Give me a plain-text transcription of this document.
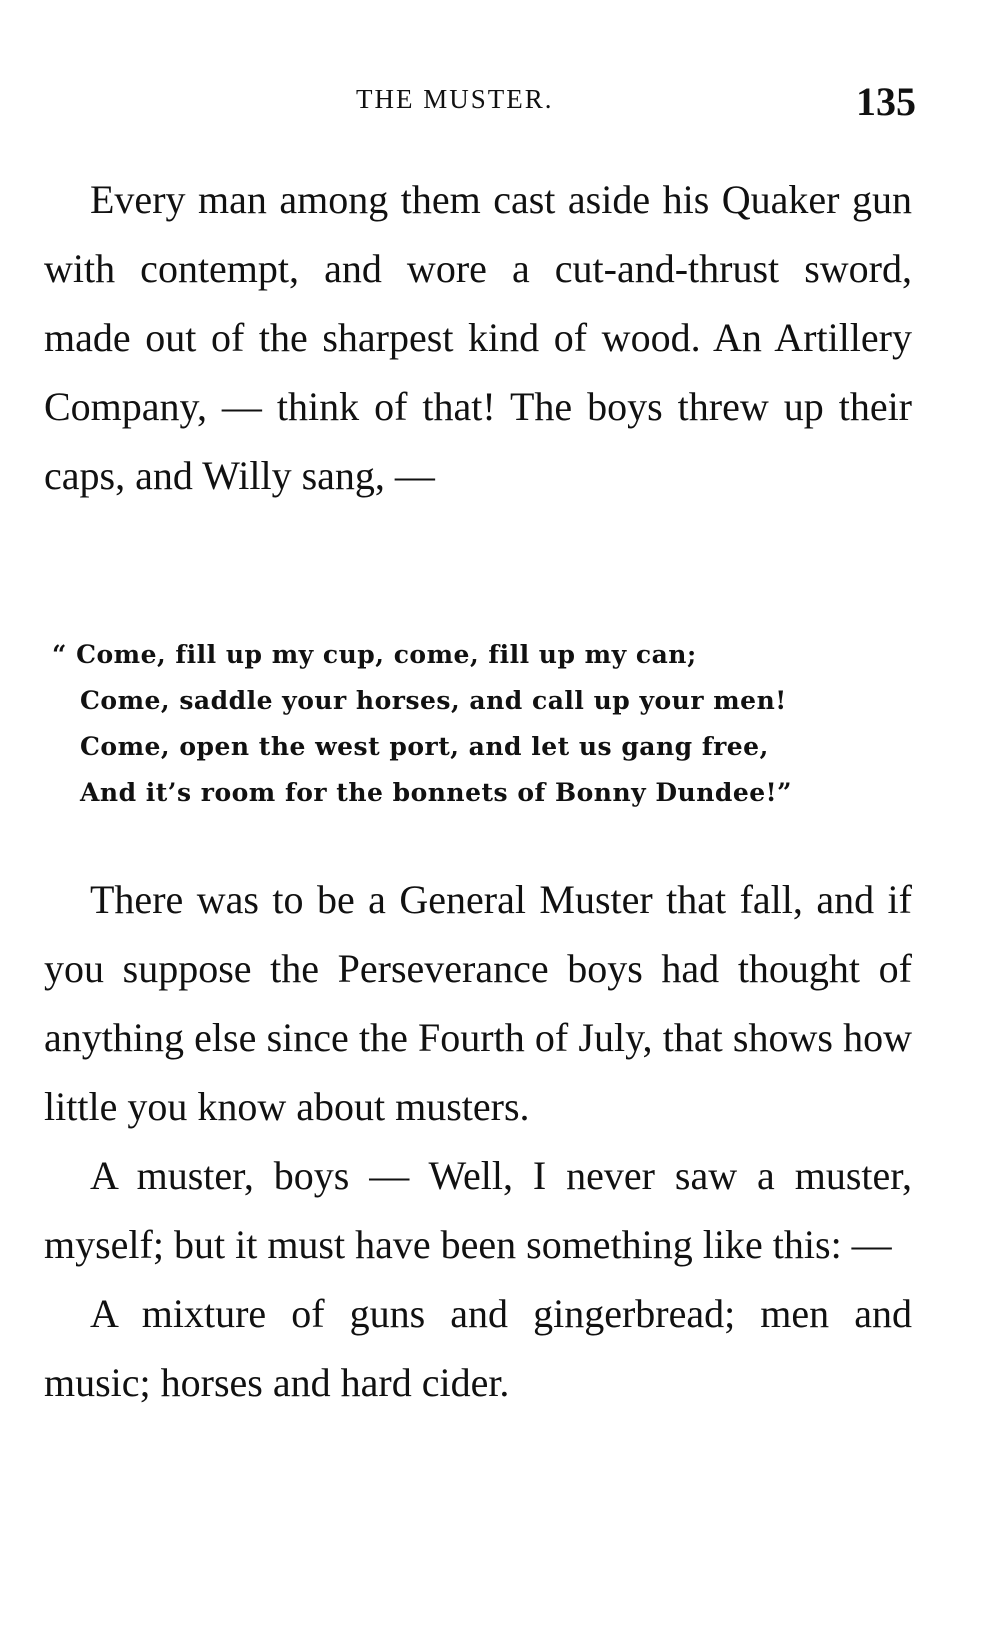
THE MUSTER.	135

Every man among them cast aside his Quaker gun with contempt, and wore a cut-and-thrust sword, made out of the sharpest kind of wood. An Artillery Company, — think of that! The boys threw up their caps, and Willy sang, —

“ Come, fill up my cup, come, fill up my can;

Come, saddle your horses, and call up your men!

Come, open the west port, and let us gang free,

And it’s room for the bonnets of Bonny Dundee!”

There was to be a General Muster that fall, and if you suppose the Perseverance boys had thought of anything else since the Fourth of July, that shows how little you know about musters.

A muster, boys — Well, I never saw a muster, myself; but it must have been something like this: —

A mixture of guns and gingerbread; men and music; horses and hard cider.
